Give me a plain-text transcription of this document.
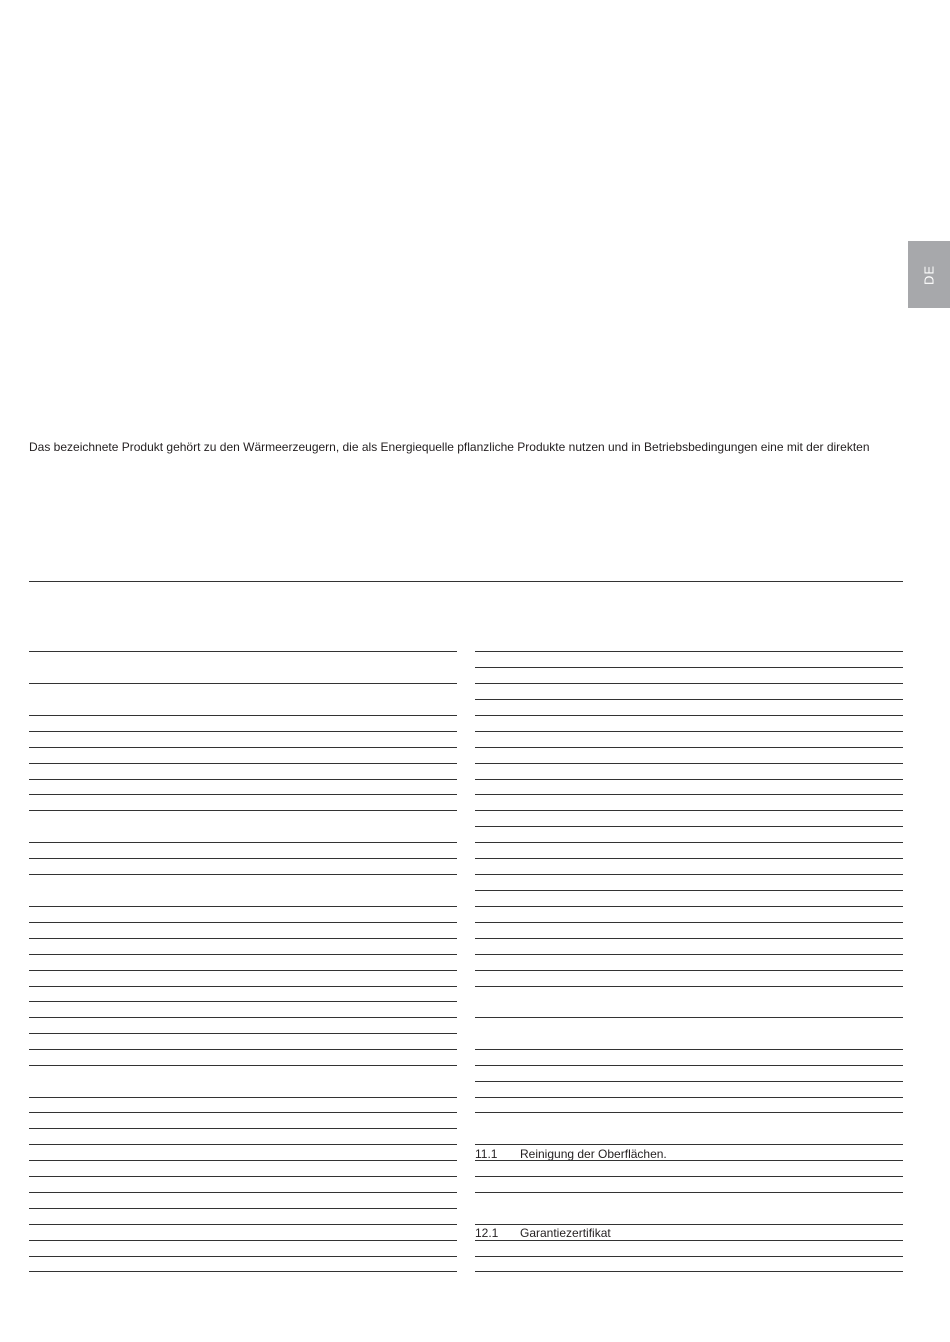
DE
Das bezeichnete Produkt gehört zu den Wärmeerzeugern, die als Energiequelle pflanzliche Produkte nutzen und in Betriebsbedingungen eine mit der direkten
11.1 Reinigung der Oberflächen.
12.1 Garantiezertifikat
